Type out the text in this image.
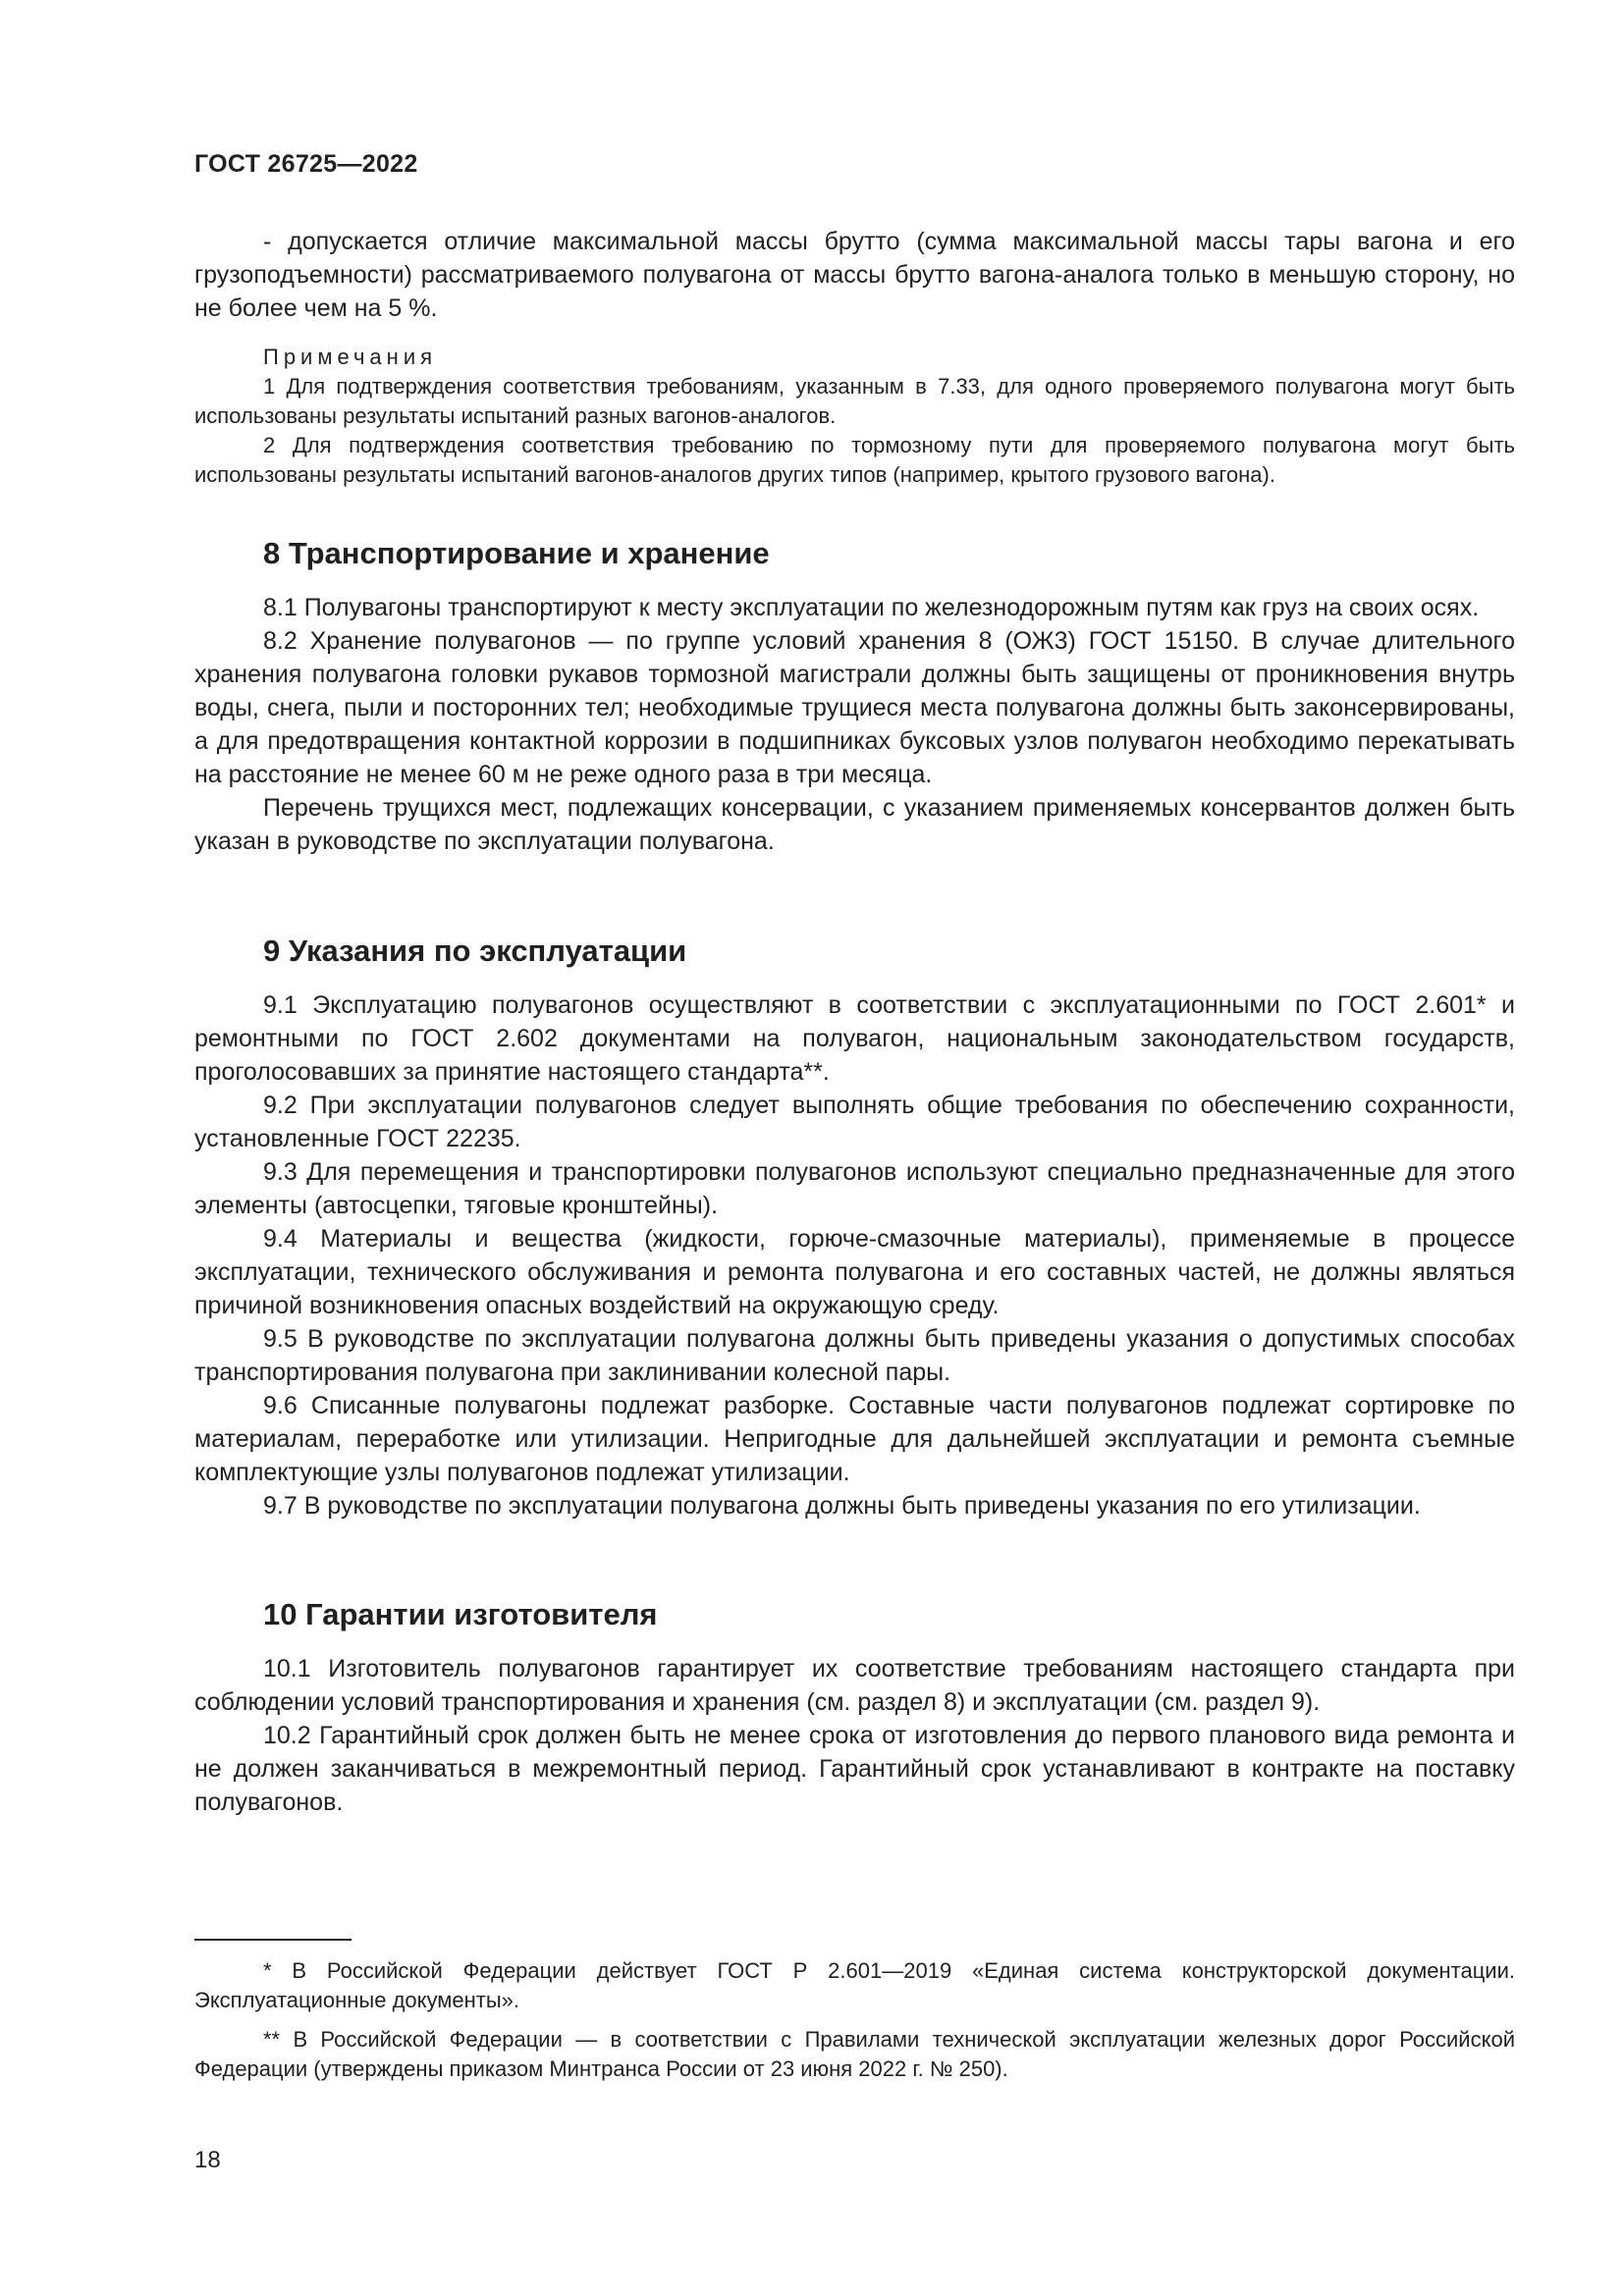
ГОСТ 26725—2022

- допускается отличие максимальной массы брутто (сумма максимальной массы тары вагона и его грузоподъемности) рассматриваемого полувагона от массы брутто вагона-аналога только в меньшую сторону, но не более чем на 5 %.

Примечания

1 Для подтверждения соответствия требованиям, указанным в 7.33, для одного проверяемого полувагона могут быть использованы результаты испытаний разных вагонов-аналогов.

2 Для подтверждения соответствия требованию по тормозному пути для проверяемого полувагона могут быть использованы результаты испытаний вагонов-аналогов других типов (например, крытого грузового вагона).

8 Транспортирование и хранение

8.1 Полувагоны транспортируют к месту эксплуатации по железнодорожным путям как груз на своих осях.

8.2 Хранение полувагонов — по группе условий хранения 8 (ОЖ3) ГОСТ 15150. В случае длительного хранения полувагона головки рукавов тормозной магистрали должны быть защищены от проникновения внутрь воды, снега, пыли и посторонних тел; необходимые трущиеся места полувагона должны быть законсервированы, а для предотвращения контактной коррозии в подшипниках буксовых узлов полувагон необходимо перекатывать на расстояние не менее 60 м не реже одного раза в три месяца.

Перечень трущихся мест, подлежащих консервации, с указанием применяемых консервантов должен быть указан в руководстве по эксплуатации полувагона.

9 Указания по эксплуатации

9.1 Эксплуатацию полувагонов осуществляют в соответствии с эксплуатационными по ГОСТ 2.601* и ремонтными по ГОСТ 2.602 документами на полувагон, национальным законодательством государств, проголосовавших за принятие настоящего стандарта**.

9.2 При эксплуатации полувагонов следует выполнять общие требования по обеспечению сохранности, установленные ГОСТ 22235.

9.3 Для перемещения и транспортировки полувагонов используют специально предназначенные для этого элементы (автосцепки, тяговые кронштейны).

9.4 Материалы и вещества (жидкости, горюче-смазочные материалы), применяемые в процессе эксплуатации, технического обслуживания и ремонта полувагона и его составных частей, не должны являться причиной возникновения опасных воздействий на окружающую среду.

9.5 В руководстве по эксплуатации полувагона должны быть приведены указания о допустимых способах транспортирования полувагона при заклинивании колесной пары.

9.6 Списанные полувагоны подлежат разборке. Составные части полувагонов подлежат сортировке по материалам, переработке или утилизации. Непригодные для дальнейшей эксплуатации и ремонта съемные комплектующие узлы полувагонов подлежат утилизации.

9.7 В руководстве по эксплуатации полувагона должны быть приведены указания по его утилизации.

10 Гарантии изготовителя

10.1 Изготовитель полувагонов гарантирует их соответствие требованиям настоящего стандарта при соблюдении условий транспортирования и хранения (см. раздел 8) и эксплуатации (см. раздел 9).

10.2 Гарантийный срок должен быть не менее срока от изготовления до первого планового вида ремонта и не должен заканчиваться в межремонтный период. Гарантийный срок устанавливают в контракте на поставку полувагонов.

* В Российской Федерации действует ГОСТ Р 2.601—2019 «Единая система конструкторской документации. Эксплуатационные документы».

** В Российской Федерации — в соответствии с Правилами технической эксплуатации железных дорог Российской Федерации (утверждены приказом Минтранса России от 23 июня 2022 г. № 250).

18
